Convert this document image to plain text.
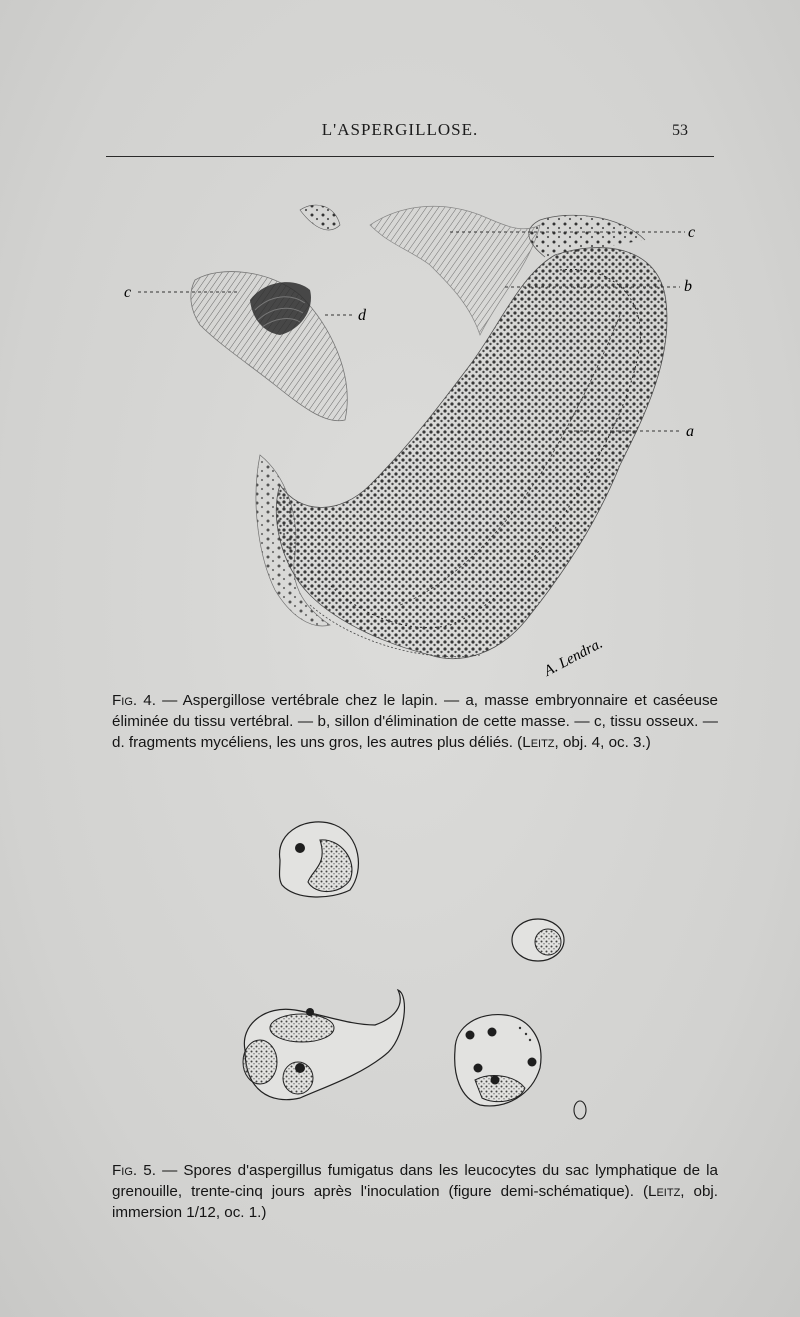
L'ASPERGILLOSE.	53
c
b
a
c
d
A. Lendra.
Fig. 4. — Aspergillose vertébrale chez le lapin. — a, masse embryonnaire et caséeuse éliminée du tissu vertébral. — b, sillon d'élimination de cette masse. — c, tissu osseux. — d. fragments mycéliens, les uns gros, les autres plus déliés. (Leitz, obj. 4, oc. 3.)
Fig. 5. — Spores d'aspergillus fumigatus dans les leucocytes du sac lymphatique de la grenouille, trente-cinq jours après l'inoculation (figure demi-schématique). (Leitz, obj. immersion 1/12, oc. 1.)
